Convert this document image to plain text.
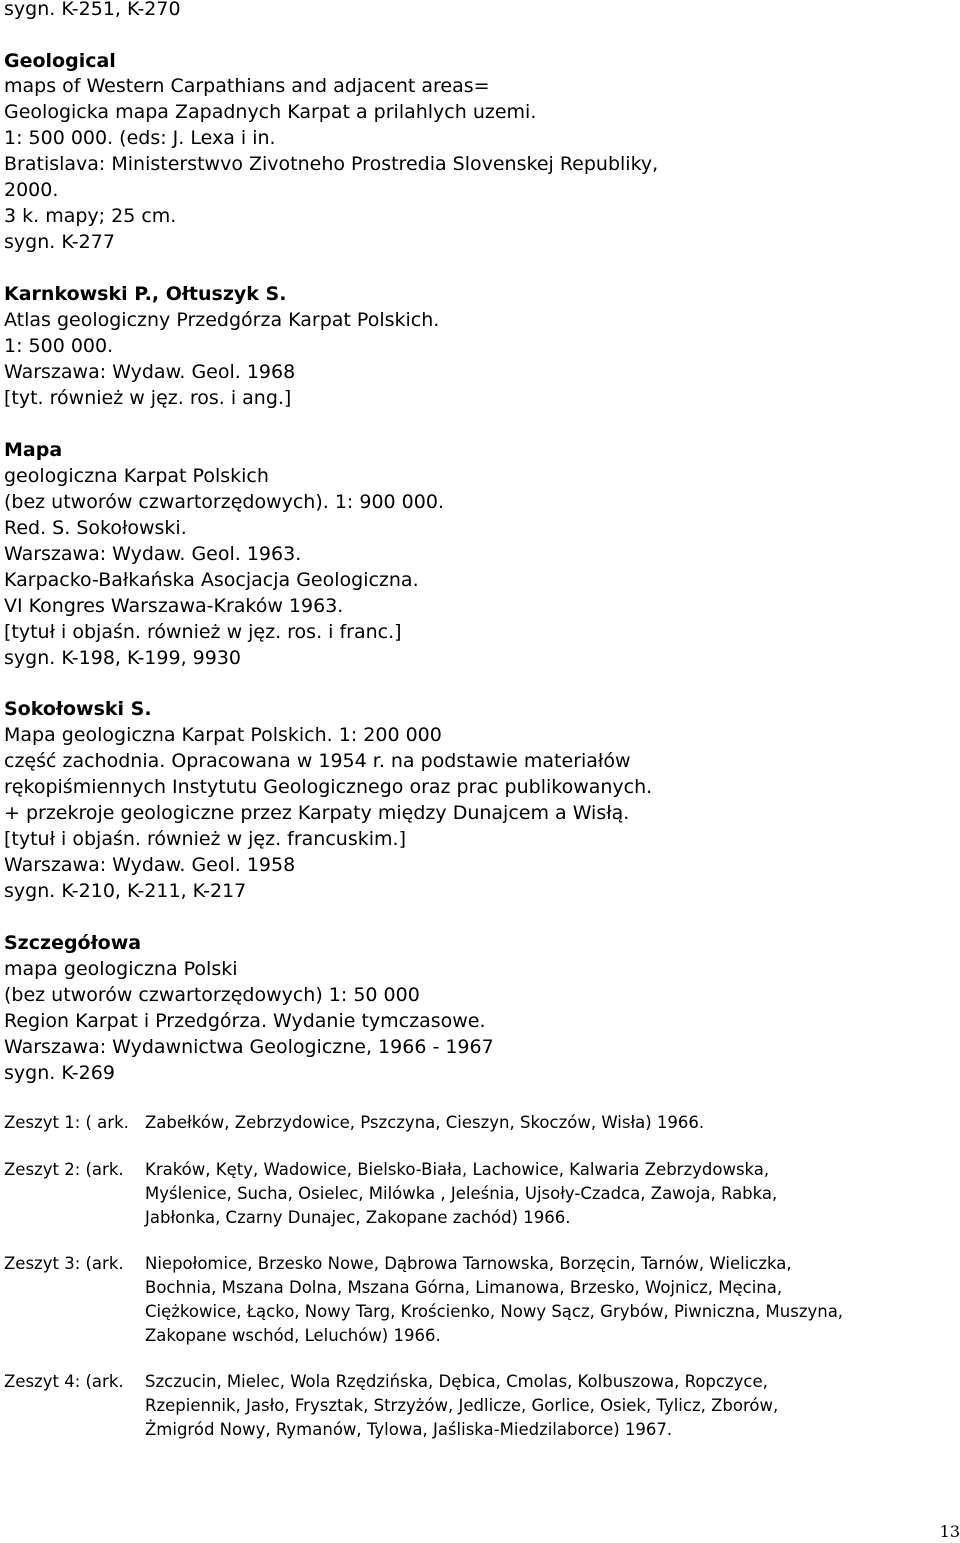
sygn. K-251, K-270
Geological
maps of Western Carpathians and adjacent areas=
Geologicka mapa Zapadnych Karpat a prilahlych uzemi.
1: 500 000. (eds: J. Lexa i in.
Bratislava: Ministerstwvo Zivotneho Prostredia Slovenskej Republiky,
2000.
3 k. mapy; 25 cm.
sygn. K-277
Karnkowski P., Ołtuszyk S.
Atlas geologiczny Przedgórza Karpat Polskich.
1: 500 000.
Warszawa: Wydaw. Geol. 1968
[tyt. również w jęz. ros. i ang.]
Mapa
geologiczna Karpat Polskich
(bez utworów czwartorzędowych). 1: 900 000.
Red. S. Sokołowski.
Warszawa: Wydaw. Geol. 1963.
Karpacko-Bałkańska Asocjacja Geologiczna.
VI Kongres Warszawa-Kraków 1963.
[tytuł i objaśn. również w jęz. ros. i franc.]
sygn. K-198, K-199, 9930
Sokołowski S.
Mapa geologiczna Karpat Polskich. 1: 200 000
część zachodnia. Opracowana w 1954 r. na podstawie materiałów
rękopiśmiennych Instytutu Geologicznego oraz prac publikowanych.
+ przekroje geologiczne przez Karpaty między Dunajcem a Wisłą.
[tytuł i objaśn. również w jęz. francuskim.]
Warszawa: Wydaw. Geol. 1958
sygn. K-210, K-211, K-217
Szczegółowa
mapa geologiczna Polski
(bez utworów czwartorzędowych) 1: 50 000
Region Karpat i Przedgórza. Wydanie tymczasowe.
Warszawa: Wydawnictwa Geologiczne, 1966 - 1967
sygn. K-269
Zeszyt 1: ( ark. Zabełków, Zebrzydowice, Pszczyna, Cieszyn, Skoczów, Wisła) 1966.
Zeszyt 2: (ark. Kraków, Kęty, Wadowice, Bielsko-Biała, Lachowice, Kalwaria Zebrzydowska,
Myślenice, Sucha, Osielec, Milówka , Jeleśnia, Ujsoły-Czadca, Zawoja, Rabka,
Jabłonka, Czarny Dunajec, Zakopane zachód) 1966.
Zeszyt 3: (ark. Niepołomice, Brzesko Nowe, Dąbrowa Tarnowska, Borzęcin, Tarnów, Wieliczka,
Bochnia, Mszana Dolna, Mszana Górna, Limanowa, Brzesko, Wojnicz, Męcina,
Ciężkowice, Łącko, Nowy Targ, Krościenko, Nowy Sącz, Grybów, Piwniczna, Muszyna,
Zakopane wschód, Leluchów) 1966.
Zeszyt 4: (ark. Szczucin, Mielec, Wola Rzędzińska, Dębica, Cmolas, Kolbuszowa, Ropczyce,
Rzepiennik, Jasło, Frysztak, Strzyżów, Jedlicze, Gorlice, Osiek, Tylicz, Zborów,
Żmigród Nowy, Rymanów, Tylowa, Jaśliska-Miedzilaborce) 1967.
13
